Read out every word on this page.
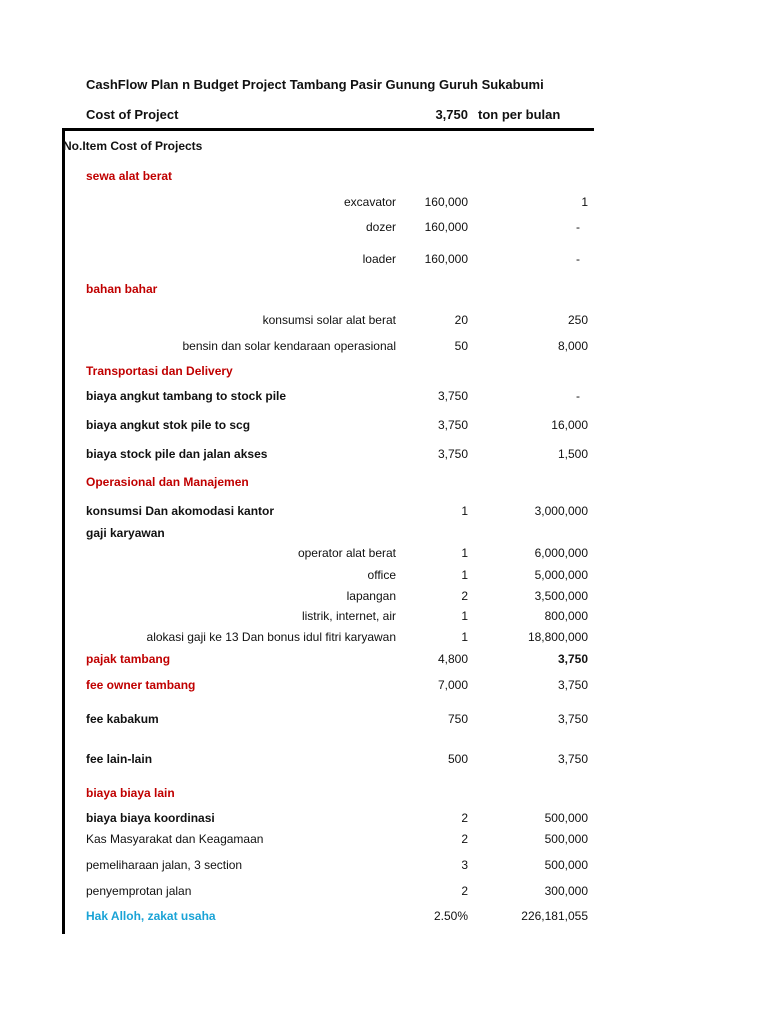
CashFlow Plan n Budget Project Tambang Pasir Gunung Guruh Sukabumi
Cost of Project	3,750 ton per bulan
No.Item Cost of Projects
sewa alat berat
excavator	160,000	1
dozer	160,000	-
loader	160,000	-
bahan bahar
konsumsi solar alat berat	20	250
bensin dan solar kendaraan operasional	50	8,000
Transportasi dan Delivery
biaya angkut tambang to stock pile	3,750	-
biaya angkut stok pile to scg	3,750	16,000
biaya stock pile dan jalan akses	3,750	1,500
Operasional dan Manajemen
konsumsi Dan akomodasi kantor	1	3,000,000
gaji karyawan
operator alat berat	1	6,000,000
office	1	5,000,000
lapangan	2	3,500,000
listrik, internet, air	1	800,000
alokasi gaji ke 13 Dan bonus idul fitri karyawan	1	18,800,000
pajak tambang	4,800	3,750
fee owner tambang	7,000	3,750
fee kabakum	750	3,750
fee lain-lain	500	3,750
biaya biaya lain
biaya biaya koordinasi	2	500,000
Kas Masyarakat dan Keagamaan	2	500,000
pemeliharaan jalan, 3 section	3	500,000
penyemprotan jalan	2	300,000
Hak Alloh, zakat usaha	2.50%	226,181,055
